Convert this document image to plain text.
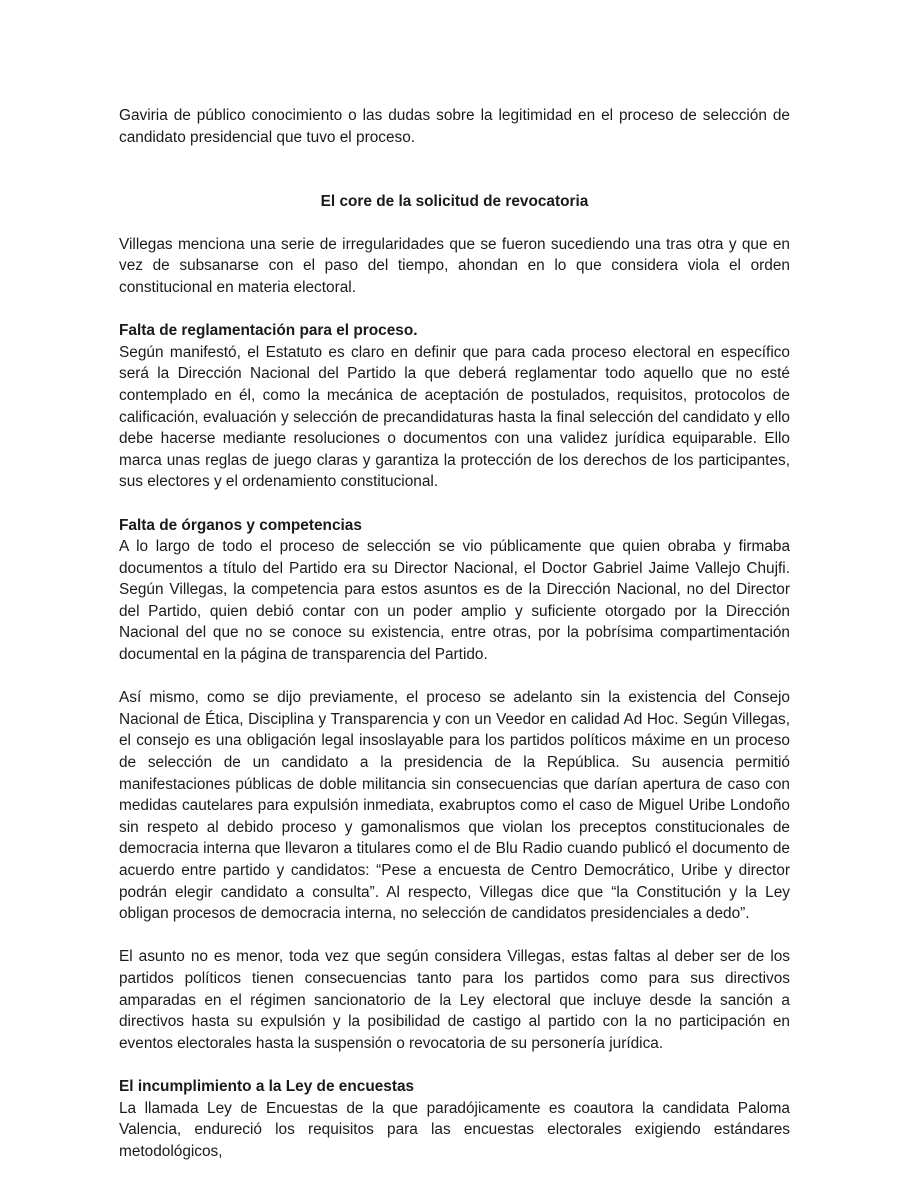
Gaviria de público conocimiento o las dudas sobre la legitimidad en el proceso de selección de candidato presidencial que tuvo el proceso.

El core de la solicitud de revocatoria

Villegas menciona una serie de irregularidades que se fueron sucediendo una tras otra y que en vez de subsanarse con el paso del tiempo, ahondan en lo que considera viola el orden constitucional en materia electoral.

Falta de reglamentación para el proceso.

Según manifestó, el Estatuto es claro en definir que para cada proceso electoral en específico será la Dirección Nacional del Partido la que deberá reglamentar todo aquello que no esté contemplado en él, como la mecánica de aceptación de postulados, requisitos, protocolos de calificación, evaluación y selección de precandidaturas hasta la final selección del candidato y ello debe hacerse mediante resoluciones o documentos con una validez jurídica equiparable. Ello marca unas reglas de juego claras y garantiza la protección de los derechos de los participantes, sus electores y el ordenamiento constitucional.

Falta de órganos y competencias

A lo largo de todo el proceso de selección se vio públicamente que quien obraba y firmaba documentos a título del Partido era su Director Nacional, el Doctor Gabriel Jaime Vallejo Chujfi. Según Villegas, la competencia para estos asuntos es de la Dirección Nacional, no del Director del Partido, quien debió contar con un poder amplio y suficiente otorgado por la Dirección Nacional del que no se conoce su existencia, entre otras, por la pobrísima compartimentación documental en la página de transparencia del Partido.

Así mismo, como se dijo previamente, el proceso se adelanto sin la existencia del Consejo Nacional de Ética, Disciplina y Transparencia y con un Veedor en calidad Ad Hoc. Según Villegas, el consejo es una obligación legal insoslayable para los partidos políticos máxime en un proceso de selección de un candidato a la presidencia de la República. Su ausencia permitió manifestaciones públicas de doble militancia sin consecuencias que darían apertura de caso con medidas cautelares para expulsión inmediata, exabruptos como el caso de Miguel Uribe Londoño sin respeto al debido proceso y gamonalismos que violan los preceptos constitucionales de democracia interna que llevaron a titulares como el de Blu Radio cuando publicó el documento de acuerdo entre partido y candidatos: “Pese a encuesta de Centro Democrático, Uribe y director podrán elegir candidato a consulta”. Al respecto, Villegas dice que “la Constitución y la Ley obligan procesos de democracia interna, no selección de candidatos presidenciales a dedo”.

El asunto no es menor, toda vez que según considera Villegas, estas faltas al deber ser de los partidos políticos tienen consecuencias tanto para los partidos como para sus directivos amparadas en el régimen sancionatorio de la Ley electoral que incluye desde la sanción a directivos hasta su expulsión y la posibilidad de castigo al partido con la no participación en eventos electorales hasta la suspensión o revocatoria de su personería jurídica.

El incumplimiento a la Ley de encuestas

La llamada Ley de Encuestas de la que paradójicamente es coautora la candidata Paloma Valencia, endureció los requisitos para las encuestas electorales exigiendo estándares metodológicos,
